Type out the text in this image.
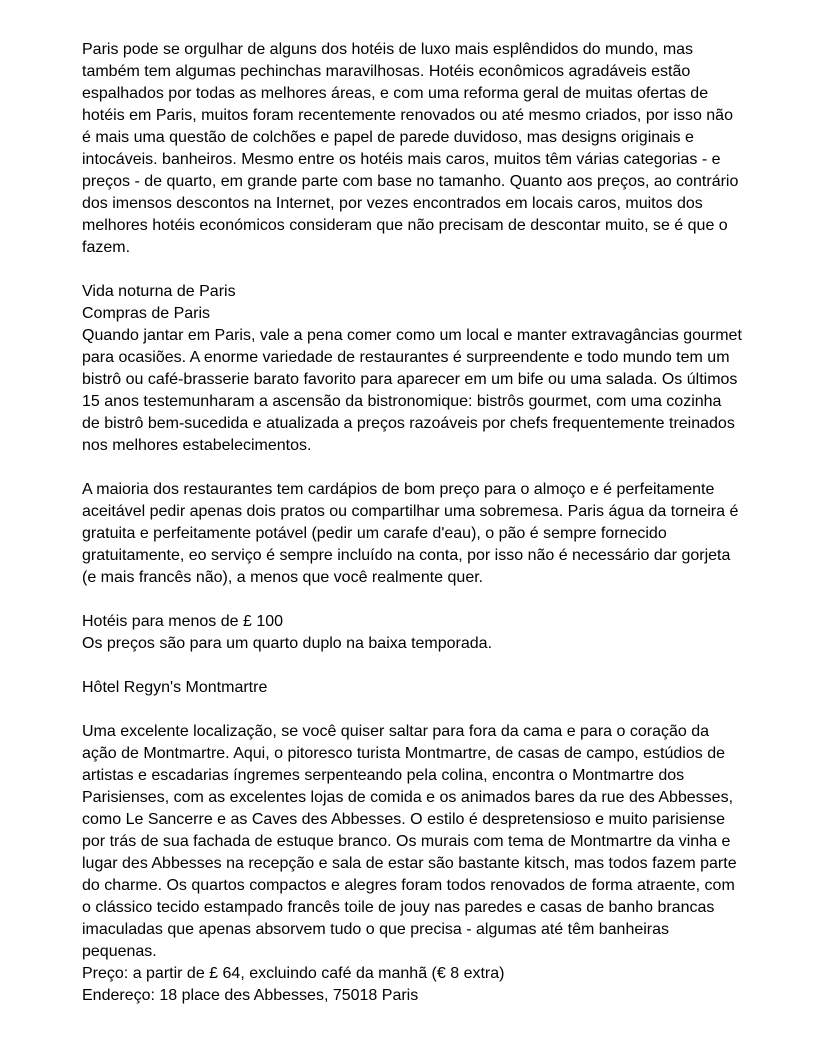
Paris pode se orgulhar de alguns dos hotéis de luxo mais esplêndidos do mundo, mas também tem algumas pechinchas maravilhosas. Hotéis econômicos agradáveis estão espalhados por todas as melhores áreas, e com uma reforma geral de muitas ofertas de hotéis em Paris, muitos foram recentemente renovados ou até mesmo criados, por isso não é mais uma questão de colchões e papel de parede duvidoso, mas designs originais e intocáveis. banheiros. Mesmo entre os hotéis mais caros, muitos têm várias categorias - e preços - de quarto, em grande parte com base no tamanho. Quanto aos preços, ao contrário dos imensos descontos na Internet, por vezes encontrados em locais caros, muitos dos melhores hotéis económicos consideram que não precisam de descontar muito, se é que o fazem.

Vida noturna de Paris

Compras de Paris

Quando jantar em Paris, vale a pena comer como um local e manter extravagâncias gourmet para ocasiões. A enorme variedade de restaurantes é surpreendente e todo mundo tem um bistrô ou café-brasserie barato favorito para aparecer em um bife ou uma salada. Os últimos 15 anos testemunharam a ascensão da bistronomique: bistrôs gourmet, com uma cozinha de bistrô bem-sucedida e atualizada a preços razoáveis por chefs frequentemente treinados nos melhores estabelecimentos.

A maioria dos restaurantes tem cardápios de bom preço para o almoço e é perfeitamente aceitável pedir apenas dois pratos ou compartilhar uma sobremesa. Paris água da torneira é gratuita e perfeitamente potável (pedir um carafe d'eau), o pão é sempre fornecido gratuitamente, eo serviço é sempre incluído na conta, por isso não é necessário dar gorjeta (e mais francês não), a menos que você realmente quer.

Hotéis para menos de £ 100

Os preços são para um quarto duplo na baixa temporada.

Hôtel Regyn's Montmartre

Uma excelente localização, se você quiser saltar para fora da cama e para o coração da ação de Montmartre. Aqui, o pitoresco turista Montmartre, de casas de campo, estúdios de artistas e escadarias íngremes serpenteando pela colina, encontra o Montmartre dos Parisienses, com as excelentes lojas de comida e os animados bares da rue des Abbesses, como Le Sancerre e as Caves des Abbesses. O estilo é despretensioso e muito parisiense por trás de sua fachada de estuque branco. Os murais com tema de Montmartre da vinha e lugar des Abbesses na recepção e sala de estar são bastante kitsch, mas todos fazem parte do charme. Os quartos compactos e alegres foram todos renovados de forma atraente, com o clássico tecido estampado francês toile de jouy nas paredes e casas de banho brancas imaculadas que apenas absorvem tudo o que precisa - algumas até têm banheiras pequenas.

Preço: a partir de £ 64, excluindo café da manhã (€ 8 extra)

Endereço: 18 place des Abbesses, 75018 Paris
